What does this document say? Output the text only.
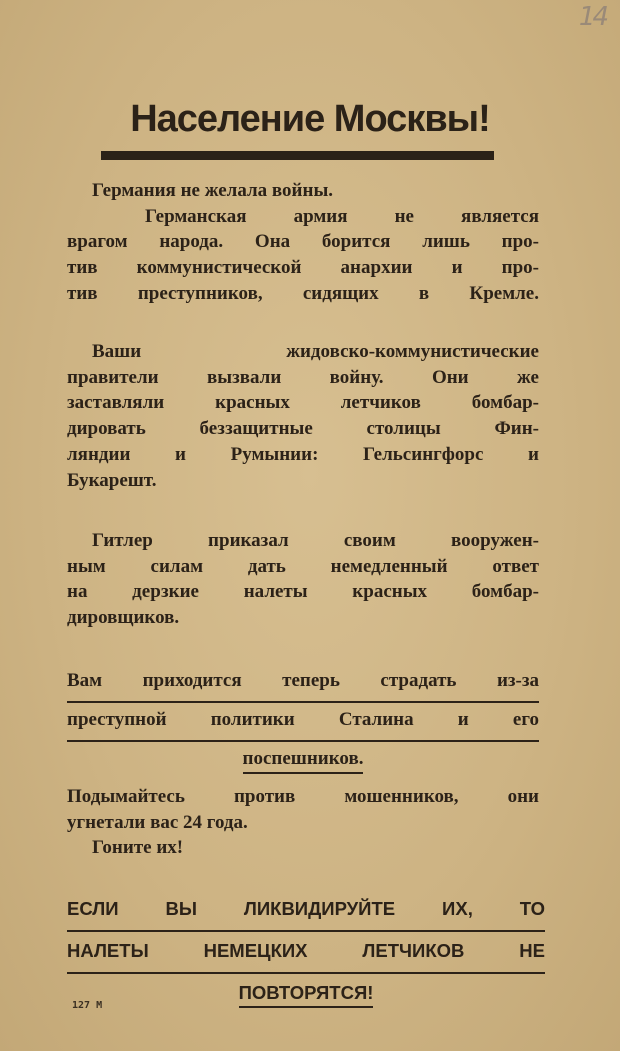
14
Население Москвы!
Германия не желала войны.
Германская армия не является
врагом народа. Она борится лишь про-
тив коммунистической анархии и про-
тив преступников, сидящих в Кремле.
Ваши жидовско-коммунистические
правители вызвали войну. Они же
заставляли красных летчиков бомбар-
дировать беззащитные столицы Фин-
ляндии и Румынии: Гельсингфорс и
Букарешт.
Гитлер приказал своим вооружен-
ным силам дать немедленный ответ
на дерзкие налеты красных бомбар-
дировщиков.
Вам приходится теперь страдать из-за
преступной политики Сталина и его
поспешников.
Подымайтесь против мошенников, они
угнетали вас 24 года.
Гоните их!
ЕСЛИ ВЫ ЛИКВИДИРУЙТЕ ИХ, ТО
НАЛЕТЫ НЕМЕЦКИХ ЛЕТЧИКОВ НЕ
ПОВТОРЯТСЯ!
127 М
